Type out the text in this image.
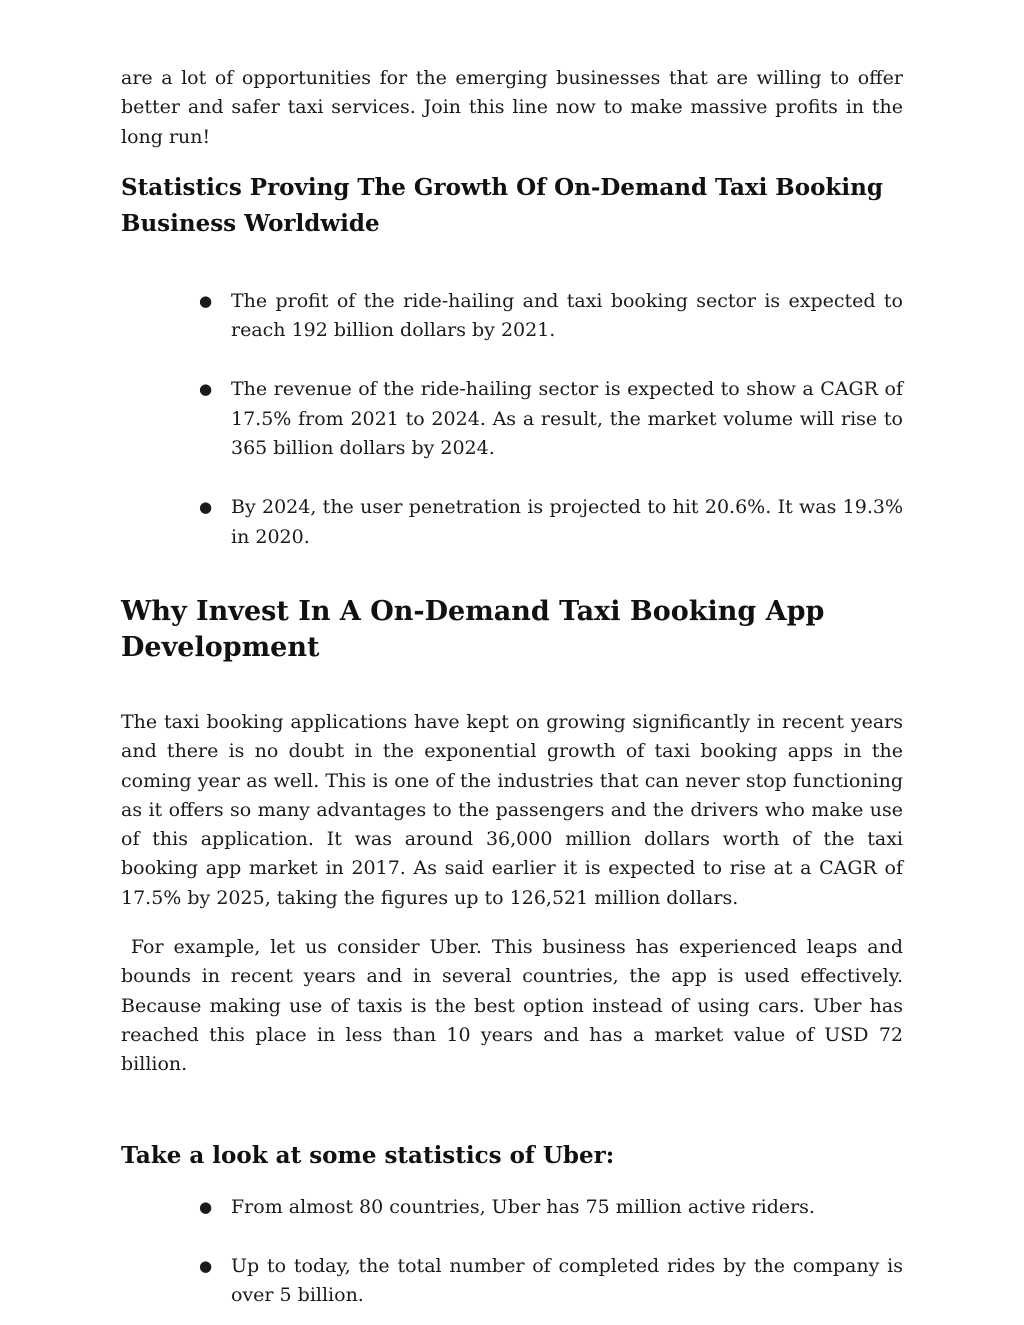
are a lot of opportunities for the emerging businesses that are willing to offer better and safer taxi services. Join this line now to make massive profits in the long run!

Statistics Proving The Growth Of On-Demand Taxi Booking Business Worldwide
● The profit of the ride-hailing and taxi booking sector is expected to reach 192 billion dollars by 2021.
● The revenue of the ride-hailing sector is expected to show a CAGR of 17.5% from 2021 to 2024. As a result, the market volume will rise to 365 billion dollars by 2024.
● By 2024, the user penetration is projected to hit 20.6%. It was 19.3% in 2020.
Why Invest In A On-Demand Taxi Booking App Development

The taxi booking applications have kept on growing significantly in recent years and there is no doubt in the exponential growth of taxi booking apps in the coming year as well. This is one of the industries that can never stop functioning as it offers so many advantages to the passengers and the drivers who make use of this application. It was around 36,000 million dollars worth of the taxi booking app market in 2017. As said earlier it is expected to rise at a CAGR of 17.5% by 2025, taking the figures up to 126,521 million dollars.

For example, let us consider Uber. This business has experienced leaps and bounds in recent years and in several countries, the app is used effectively. Because making use of taxis is the best option instead of using cars. Uber has reached this place in less than 10 years and has a market value of USD 72 billion.

Take a look at some statistics of Uber:
● From almost 80 countries, Uber has 75 million active riders.
● Up to today, the total number of completed rides by the company is over 5 billion.
